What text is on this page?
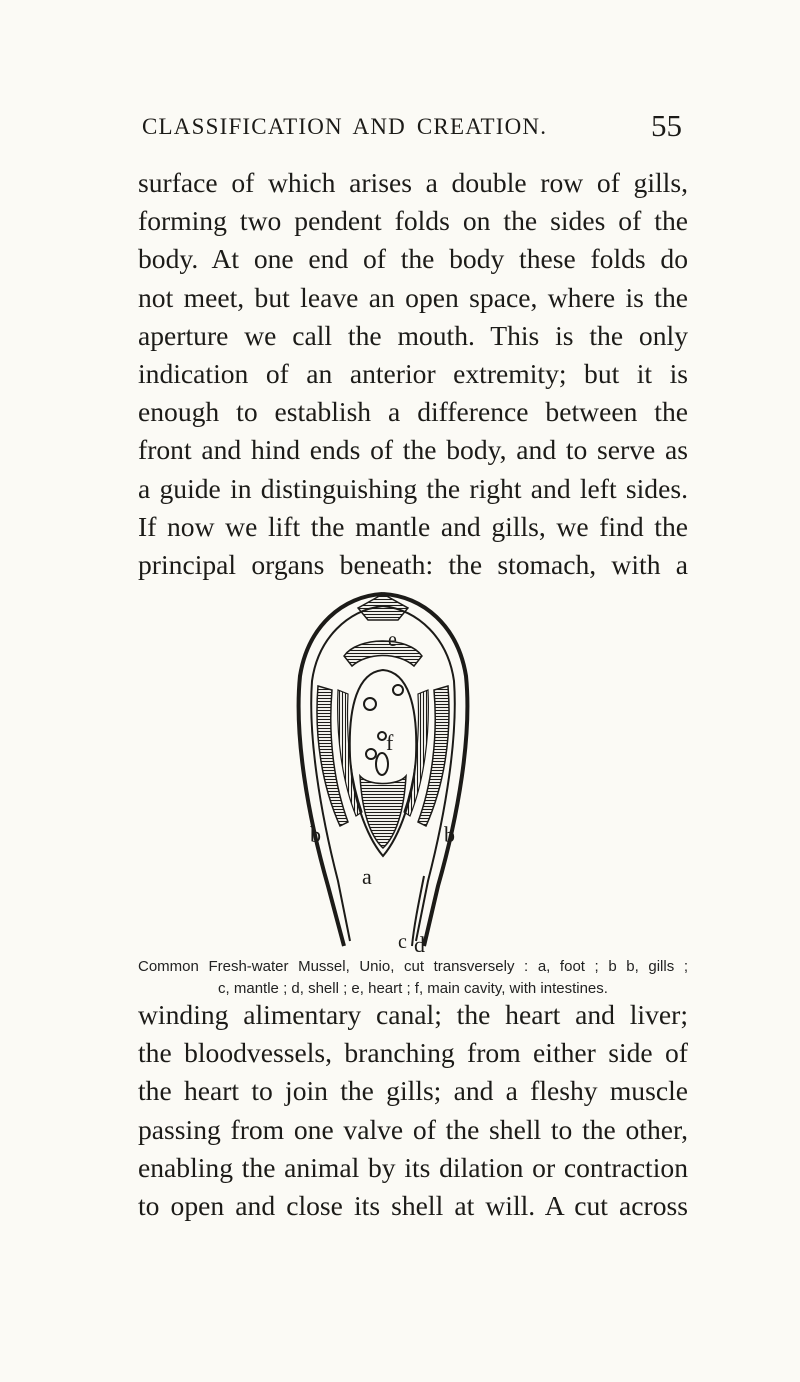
CLASSIFICATION AND CREATION.	55

surface of which arises a double row of gills,
forming two pendent folds on the sides of the
body. At one end of the body these folds do
not meet, but leave an open space, where is the
aperture we call the mouth. This is the only
indication of an anterior extremity; but it is
enough to establish a difference between the
front and hind ends of the body, and to serve as
a guide in distinguishing the right and left sides.
If now we lift the mantle and gills, we find the
principal organs beneath: the stomach, with a

e
f
b	b
a
c d
Common Fresh-water Mussel, Unio, cut transversely : a, foot ; b b, gills ;
c, mantle ; d, shell ; e, heart ; f, main cavity, with intestines.

winding alimentary canal; the heart and liver;
the bloodvessels, branching from either side of
the heart to join the gills; and a fleshy muscle
passing from one valve of the shell to the other,
enabling the animal by its dilation or contraction
to open and close its shell at will. A cut across
